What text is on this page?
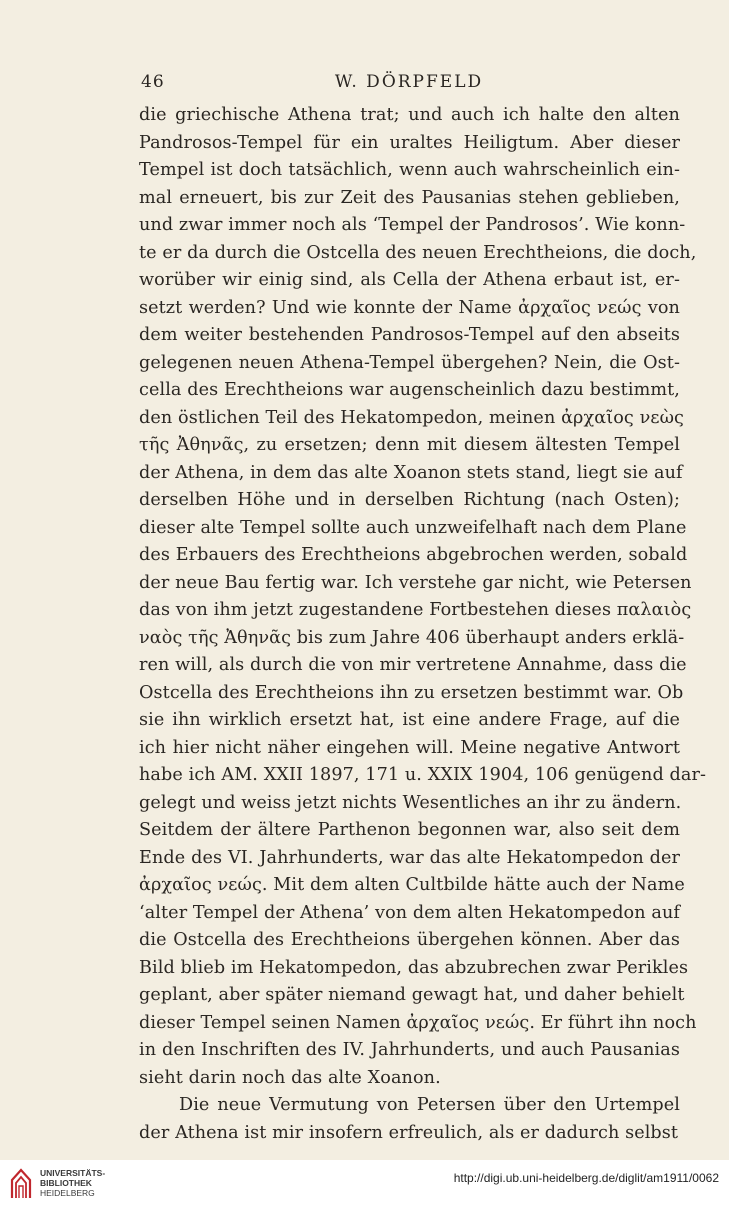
46	W. DÖRPFELD
die griechische Athena trat; und auch ich halte den alten
Pandrosos-Tempel für ein uraltes Heiligtum. Aber dieser
Tempel ist doch tatsächlich, wenn auch wahrscheinlich ein-
mal erneuert, bis zur Zeit des Pausanias stehen geblieben,
und zwar immer noch als ‘Tempel der Pandrosos’. Wie konn-
te er da durch die Ostcella des neuen Erechtheions, die doch,
worüber wir einig sind, als Cella der Athena erbaut ist, er-
setzt werden? Und wie konnte der Name ἀρχαῖος νεώς von
dem weiter bestehenden Pandrosos-Tempel auf den abseits
gelegenen neuen Athena-Tempel übergehen? Nein, die Ost-
cella des Erechtheions war augenscheinlich dazu bestimmt,
den östlichen Teil des Hekatompedon, meinen ἀρχαῖος νεὼς
τῆς Ἀθηνᾶς, zu ersetzen; denn mit diesem ältesten Tempel
der Athena, in dem das alte Xoanon stets stand, liegt sie auf
derselben Höhe und in derselben Richtung (nach Osten);
dieser alte Tempel sollte auch unzweifelhaft nach dem Plane
des Erbauers des Erechtheions abgebrochen werden, sobald
der neue Bau fertig war. Ich verstehe gar nicht, wie Petersen
das von ihm jetzt zugestandene Fortbestehen dieses παλαιὸς
ναὸς τῆς Ἀθηνᾶς bis zum Jahre 406 überhaupt anders erklä-
ren will, als durch die von mir vertretene Annahme, dass die
Ostcella des Erechtheions ihn zu ersetzen bestimmt war. Ob
sie ihn wirklich ersetzt hat, ist eine andere Frage, auf die
ich hier nicht näher eingehen will. Meine negative Antwort
habe ich AM. XXII 1897, 171 u. XXIX 1904, 106 genügend dar-
gelegt und weiss jetzt nichts Wesentliches an ihr zu ändern.
Seitdem der ältere Parthenon begonnen war, also seit dem
Ende des VI. Jahrhunderts, war das alte Hekatompedon der
ἀρχαῖος νεώς. Mit dem alten Cultbilde hätte auch der Name
‘alter Tempel der Athena’ von dem alten Hekatompedon auf
die Ostcella des Erechtheions übergehen können. Aber das
Bild blieb im Hekatompedon, das abzubrechen zwar Perikles
geplant, aber später niemand gewagt hat, und daher behielt
dieser Tempel seinen Namen ἀρχαῖος νεώς. Er führt ihn noch
in den Inschriften des IV. Jahrhunderts, und auch Pausanias
sieht darin noch das alte Xoanon.
Die neue Vermutung von Petersen über den Urtempel
der Athena ist mir insofern erfreulich, als er dadurch selbst
UNIVERSITÄTS-
BIBLIOTHEK
HEIDELBERG
http://digi.ub.uni-heidelberg.de/diglit/am1911/0062
